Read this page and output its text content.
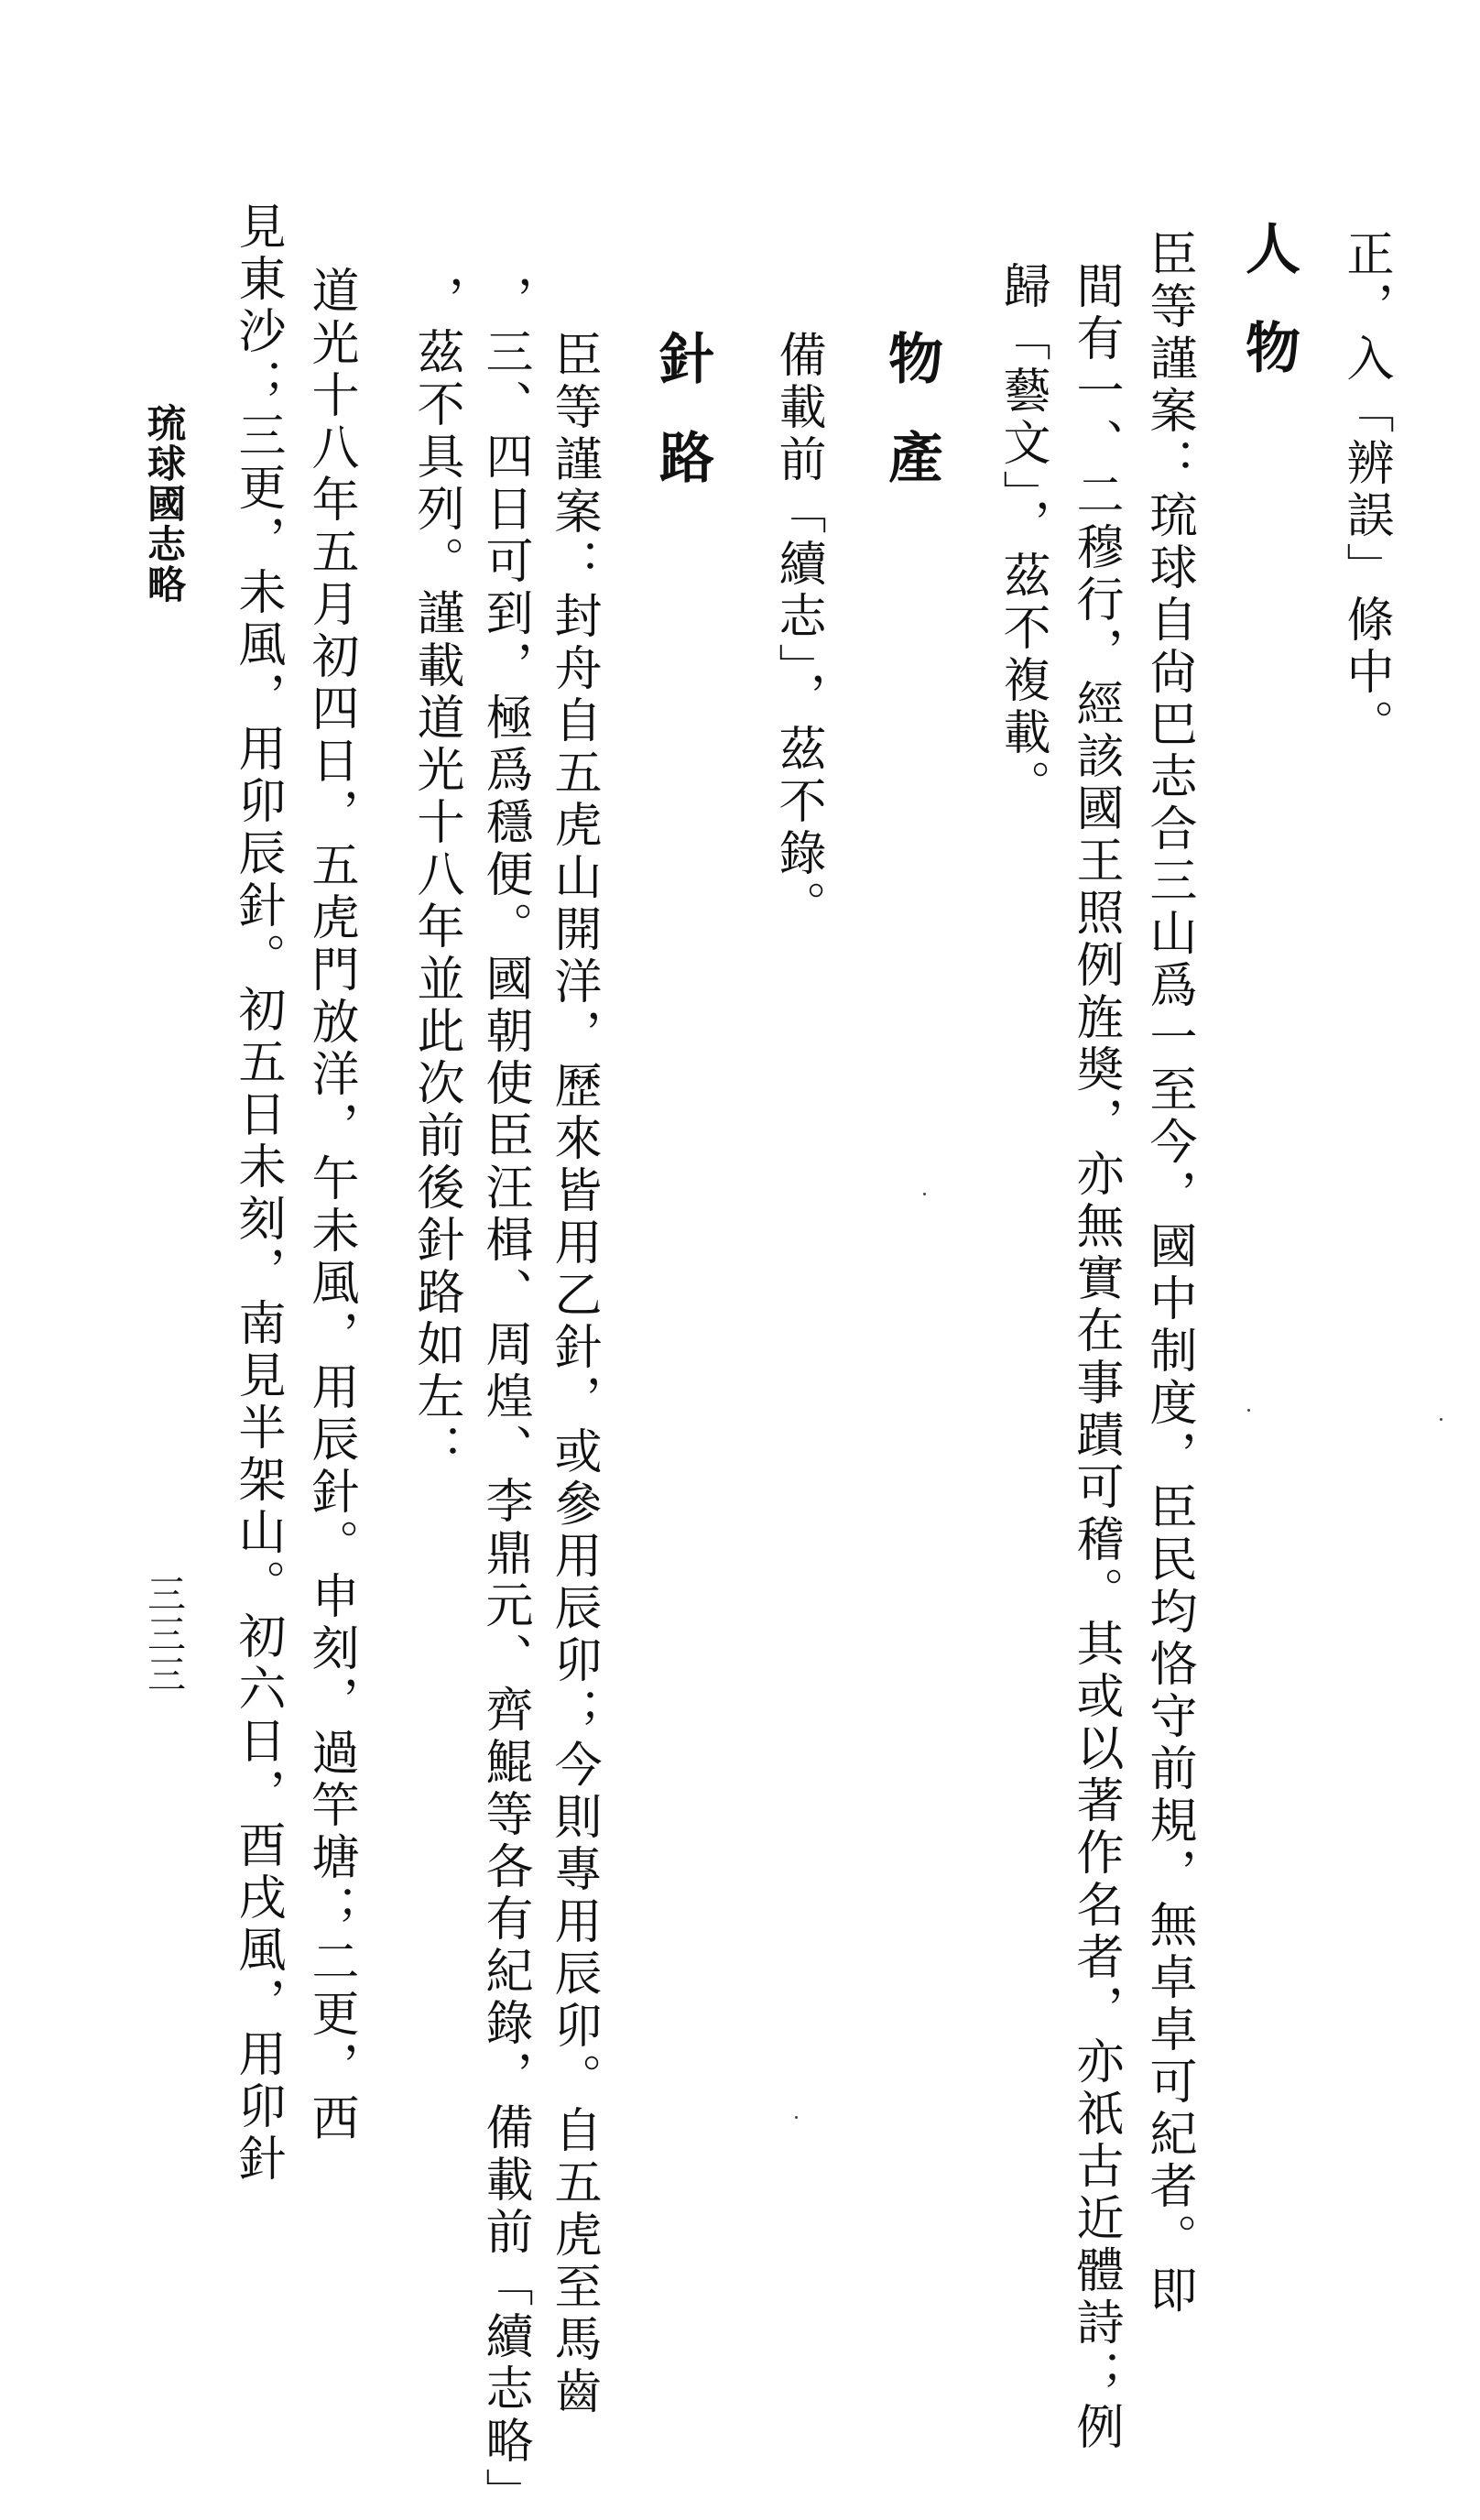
正，入「辨誤」條中。
人物
臣等謹案：琉球自尙巴志合三山爲一至今，國中制度，臣民均恪守前規，無卓卓可紀者。即
間有一、二穆行，經該國王照例旌奬，亦無實在事蹟可稽。其或以著作名者，亦祇古近體詩；例
歸「藝文」，茲不複載。
物產
備載前「續志」，茲不錄。
針路
臣等謹案：封舟自五虎山開洋，歷來皆用乙針，或參用辰卯；今則專用辰卯。自五虎至馬齒
，三、四日可到，極爲穩便。國朝使臣汪楫、周煌、李鼎元、齊鯤等各有紀錄，備載前「續志略」
，茲不具列。謹載道光十八年並此次前後針路如左：
道光十八年五月初四日，五虎門放洋，午未風，用辰針。申刻，過竿塘；二更，西
見東沙；三更，未風，用卯辰針。初五日未刻，南見半架山。初六日，酉戌風，用卯針
琉球國志略
三三三
